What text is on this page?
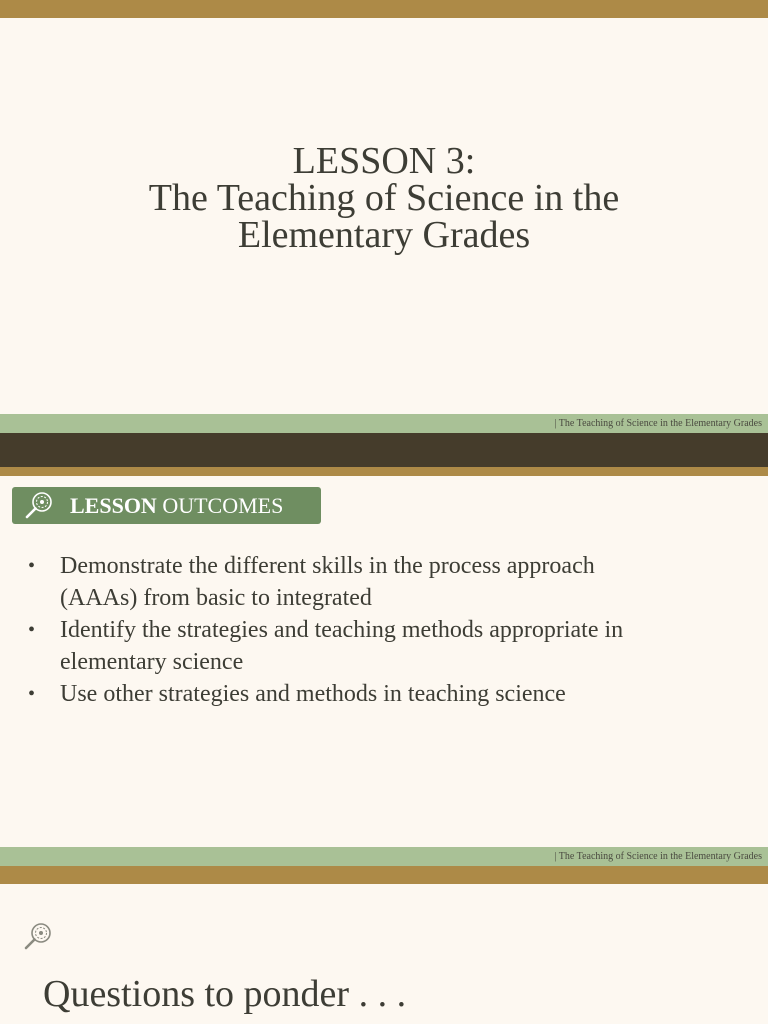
LESSON 3:
The Teaching of Science in the
Elementary Grades
| The Teaching of Science in the Elementary Grades
LESSON OUTCOMES
• Demonstrate the different skills in the process approach
(AAAs) from basic to integrated
• Identify the strategies and teaching methods appropriate in
elementary science
• Use other strategies and methods in teaching science
| The Teaching of Science in the Elementary Grades
Questions to ponder . . .
